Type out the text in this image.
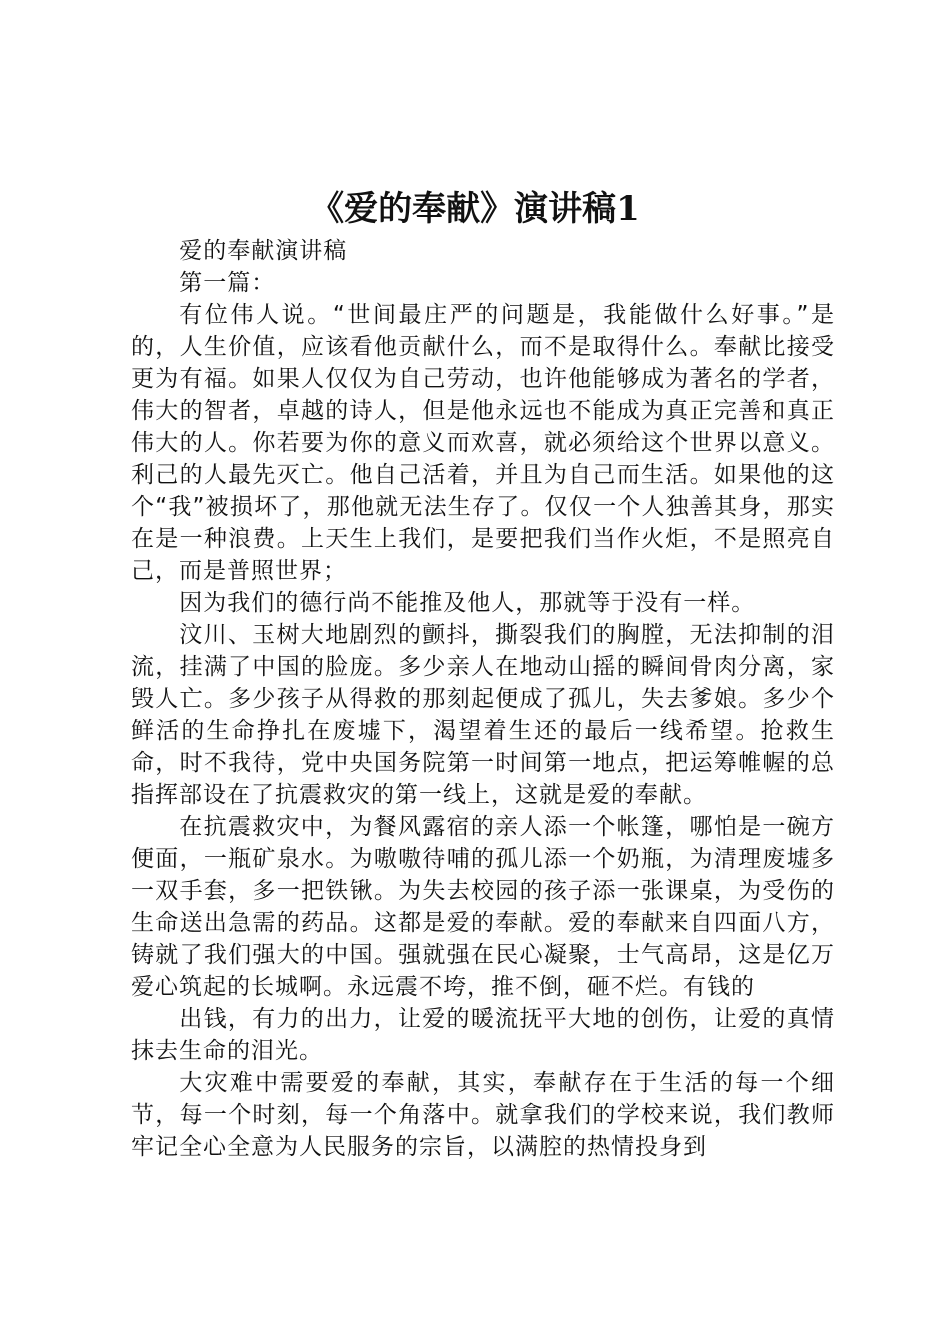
《爱的奉献》演讲稿1

爱的奉献演讲稿

第一篇：

有位伟人说。“世间最庄严的问题是，我能做什么好事。”是的，人生价值，应该看他贡献什么，而不是取得什么。奉献比接受更为有福。如果人仅仅为自己劳动，也许他能够成为著名的学者，伟大的智者，卓越的诗人，但是他永远也不能成为真正完善和真正伟大的人。你若要为你的意义而欢喜，就必须给这个世界以意义。利己的人最先灭亡。他自己活着，并且为自己而生活。如果他的这个“我”被损坏了，那他就无法生存了。仅仅一个人独善其身，那实在是一种浪费。上天生上我们，是要把我们当作火炬，不是照亮自己，而是普照世界；

因为我们的德行尚不能推及他人，那就等于没有一样。

汶川、玉树大地剧烈的颤抖，撕裂我们的胸膛，无法抑制的泪流，挂满了中国的脸庞。多少亲人在地动山摇的瞬间骨肉分离，家毁人亡。多少孩子从得救的那刻起便成了孤儿，失去爹娘。多少个鲜活的生命挣扎在废墟下，渴望着生还的最后一线希望。抢救生命，时不我待，党中央国务院第一时间第一地点，把运筹帷幄的总指挥部设在了抗震救灾的第一线上，这就是爱的奉献。

在抗震救灾中，为餐风露宿的亲人添一个帐篷，哪怕是一碗方便面，一瓶矿泉水。为嗷嗷待哺的孤儿添一个奶瓶，为清理废墟多一双手套，多一把铁锹。为失去校园的孩子添一张课桌，为受伤的生命送出急需的药品。这都是爱的奉献。爱的奉献来自四面八方，铸就了我们强大的中国。强就强在民心凝聚，士气高昂，这是亿万爱心筑起的长城啊。永远震不垮，推不倒，砸不烂。有钱的

出钱，有力的出力，让爱的暖流抚平大地的创伤，让爱的真情抹去生命的泪光。

大灾难中需要爱的奉献，其实，奉献存在于生活的每一个细节，每一个时刻，每一个角落中。就拿我们的学校来说，我们教师牢记全心全意为人民服务的宗旨，以满腔的热情投身到
